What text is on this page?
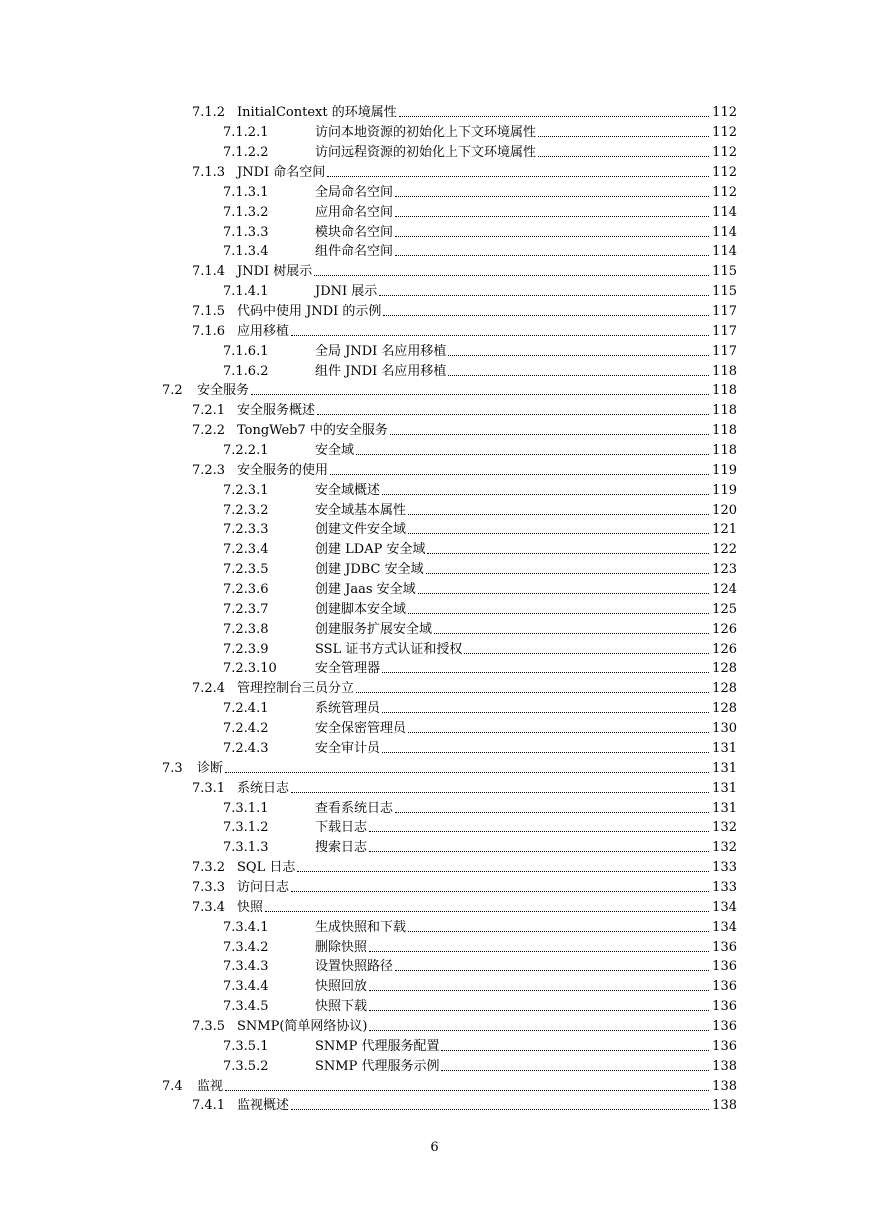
7.1.2 InitialContext 的环境属性	112
7.1.2.1	访问本地资源的初始化上下文环境属性	112
7.1.2.2	访问远程资源的初始化上下文环境属性	112
7.1.3 JNDI 命名空间	112
7.1.3.1	全局命名空间	112
7.1.3.2	应用命名空间	114
7.1.3.3	模块命名空间	114
7.1.3.4	组件命名空间	114
7.1.4 JNDI 树展示	115
7.1.4.1	JDNI 展示	115
7.1.5 代码中使用 JNDI 的示例	117
7.1.6 应用移植	117
7.1.6.1	全局 JNDI 名应用移植	117
7.1.6.2	组件 JNDI 名应用移植	118
7.2 安全服务	118
7.2.1 安全服务概述	118
7.2.2 TongWeb7 中的安全服务	118
7.2.2.1	安全域	118
7.2.3 安全服务的使用	119
7.2.3.1	安全域概述	119
7.2.3.2	安全域基本属性	120
7.2.3.3	创建文件安全域	121
7.2.3.4	创建 LDAP 安全域	122
7.2.3.5	创建 JDBC 安全域	123
7.2.3.6	创建 Jaas 安全域	124
7.2.3.7	创建脚本安全域	125
7.2.3.8	创建服务扩展安全域	126
7.2.3.9	SSL 证书方式认证和授权	126
7.2.3.10	安全管理器	128
7.2.4 管理控制台三员分立	128
7.2.4.1	系统管理员	128
7.2.4.2	安全保密管理员	130
7.2.4.3	安全审计员	131
7.3 诊断	131
7.3.1 系统日志	131
7.3.1.1	查看系统日志	131
7.3.1.2	下载日志	132
7.3.1.3	搜索日志	132
7.3.2 SQL 日志	133
7.3.3 访问日志	133
7.3.4 快照	134
7.3.4.1	生成快照和下载	134
7.3.4.2	删除快照	136
7.3.4.3	设置快照路径	136
7.3.4.4	快照回放	136
7.3.4.5	快照下载	136
7.3.5 SNMP(简单网络协议)	136
7.3.5.1	SNMP 代理服务配置	136
7.3.5.2	SNMP 代理服务示例	138
7.4 监视	138
7.4.1 监视概述	138
6
